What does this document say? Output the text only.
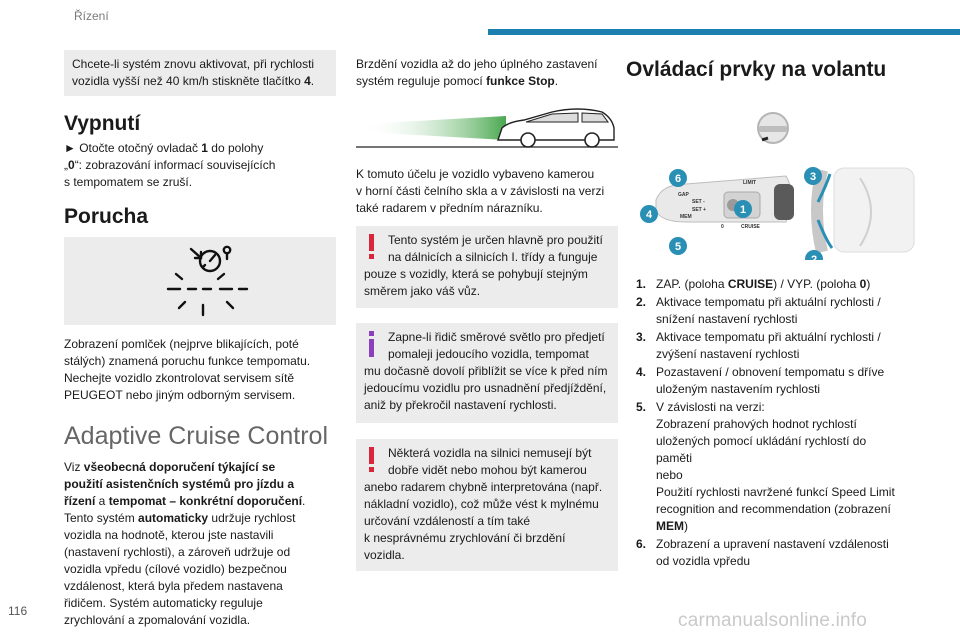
Řízení
116	carmanualsonline.info
Chcete-li systém znovu aktivovat, při rychlosti
vozidla vyšší než 40 km/h stiskněte tlačítko 4.
Vypnutí
► Otočte otočný ovladač 1 do polohy
„0“: zobrazování informací souvisejících
s tempomatem se zruší.
Porucha
Zobrazení pomlček (nejprve blikajících, poté
stálých) znamená poruchu funkce tempomatu.
Nechejte vozidlo zkontrolovat servisem sítě
PEUGEOT nebo jiným odborným servisem.
Adaptive Cruise Control
Viz všeobecná doporučení týkající se
použití asistenčních systémů pro jízdu a
řízení a tempomat – konkrétní doporučení.
Tento systém automaticky udržuje rychlost
vozidla na hodnotě, kterou jste nastavili
(nastavení rychlosti), a zároveň udržuje od
vozidla vpředu (cílové vozidlo) bezpečnou
vzdálenost, která byla předem nastavena
řidičem. Systém automaticky reguluje
zrychlování a zpomalování vozidla.
Brzdění vozidla až do jeho úplného zastavení
systém reguluje pomocí funkce Stop.
K tomuto účelu je vozidlo vybaveno kamerou
v horní části čelního skla a v závislosti na verzi
také radarem v předním nárazníku.
Tento systém je určen hlavně pro použití
na dálnicích a silnicích I. třídy a funguje
pouze s vozidly, která se pohybují stejným
směrem jako váš vůz.
Zapne-li řidič směrové světlo pro předjetí
pomaleji jedoucího vozidla, tempomat
mu dočasně dovolí přiblížit se více k před ním
jedoucímu vozidlu pro usnadnění předjíždění,
aniž by překročil nastavení rychlosti.
Některá vozidla na silnici nemusejí být
dobře vidět nebo mohou být kamerou
anebo radarem chybně interpretována (např.
nákladní vozidlo), což může vést k mylnému
určování vzdáleností a tím také
k nesprávnému zrychlování či brzdění
vozidla.
Ovládací prvky na volantu
GAP
LIMIT
SET -
SET +
MEM
CRUISE
0
1
2
3
4
5
6
1. ZAP. (poloha CRUISE) / VYP. (poloha 0)
2. Aktivace tempomatu při aktuální rychlosti /
snížení nastavení rychlosti
3. Aktivace tempomatu při aktuální rychlosti /
zvýšení nastavení rychlosti
4. Pozastavení / obnovení tempomatu s dříve
uloženým nastavením rychlosti
5. V závislosti na verzi:
Zobrazení prahových hodnot rychlostí
uložených pomocí ukládání rychlostí do
paměti
nebo
Použití rychlosti navržené funkcí Speed Limit
recognition and recommendation (zobrazení
MEM)
6. Zobrazení a upravení nastavení vzdálenosti
od vozidla vpředu
